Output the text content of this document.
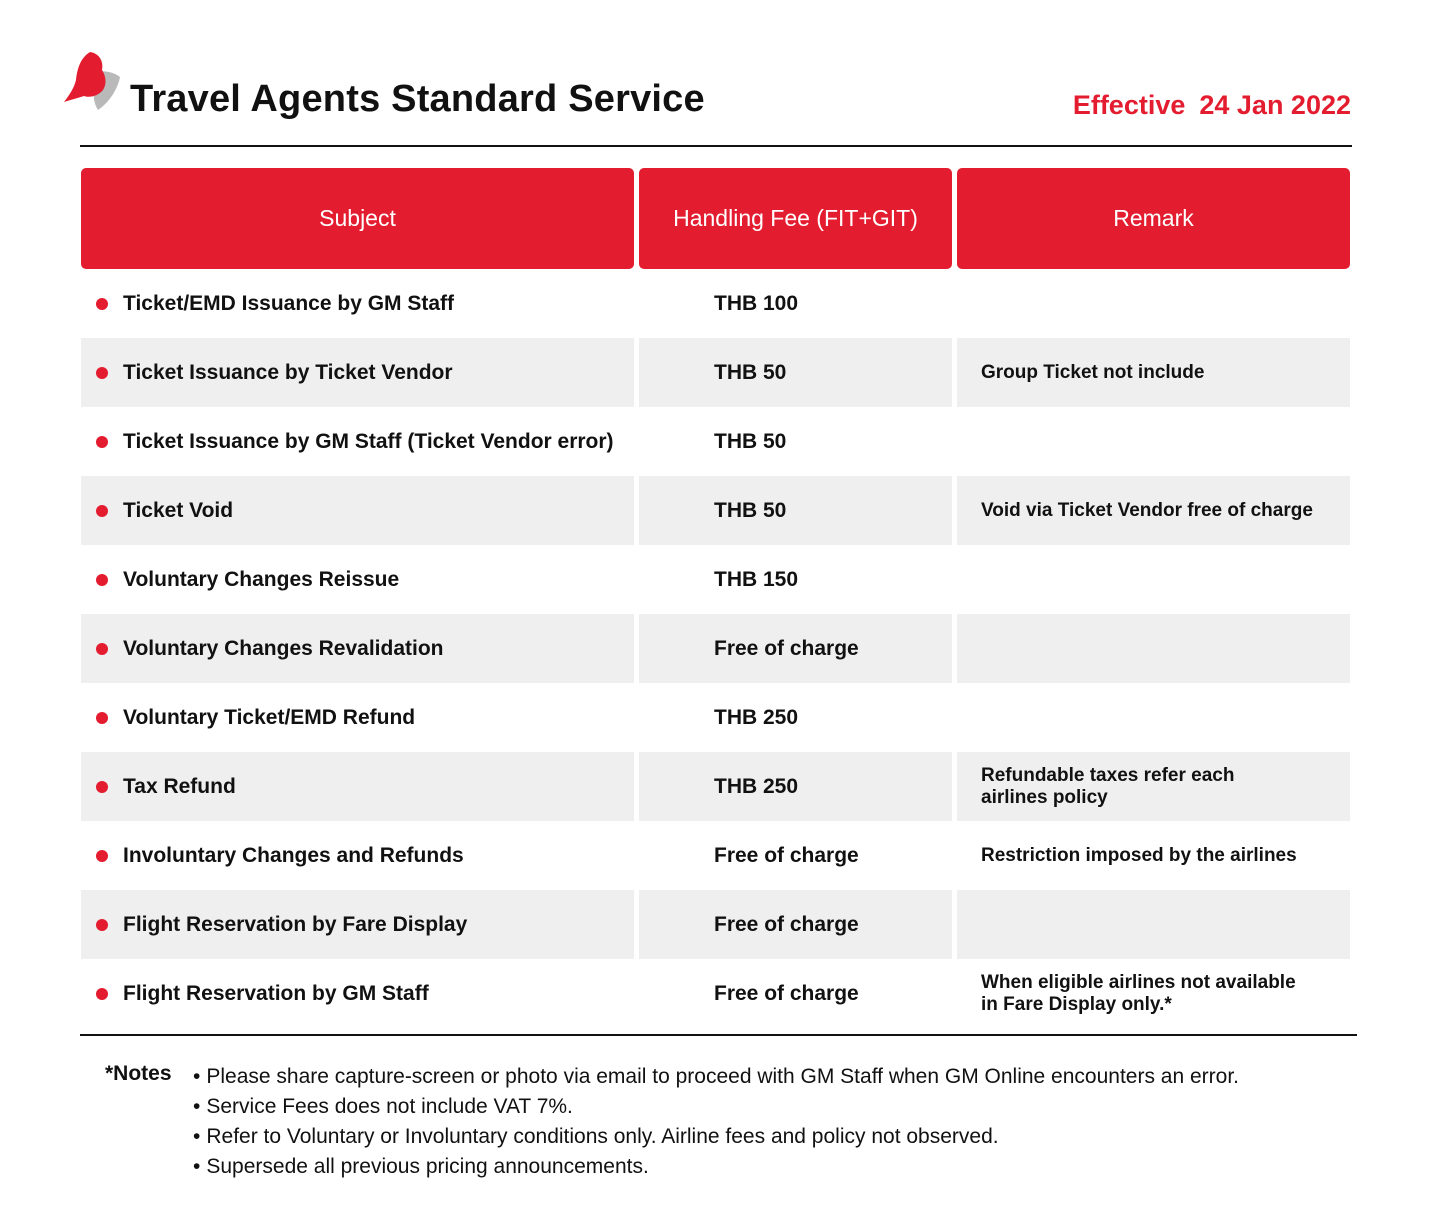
Travel Agents Standard Service	Effective 24 Jan 2022
Subject	Handling Fee (FIT+GIT)	Remark
Ticket/EMD Issuance by GM Staff	THB 100
Ticket Issuance by Ticket Vendor	THB 50	Group Ticket not include
Ticket Issuance by GM Staff (Ticket Vendor error)	THB 50
Ticket Void	THB 50	Void via Ticket Vendor free of charge
Voluntary Changes Reissue	THB 150
Voluntary Changes Revalidation	Free of charge
Voluntary Ticket/EMD Refund	THB 250
Tax Refund	THB 250	Refundable taxes refer each
airlines policy
Involuntary Changes and Refunds	Free of charge	Restriction imposed by the airlines
Flight Reservation by Fare Display	Free of charge
Flight Reservation by GM Staff	Free of charge	When eligible airlines not available
in Fare Display only.*
*Notes
•	Please share capture-screen or photo via email to proceed with GM Staff when GM Online encounters an error.
• Service Fees does not include VAT 7%.
• Refer to Voluntary or Involuntary conditions only. Airline fees and policy not observed.
• Supersede all previous pricing announcements.
